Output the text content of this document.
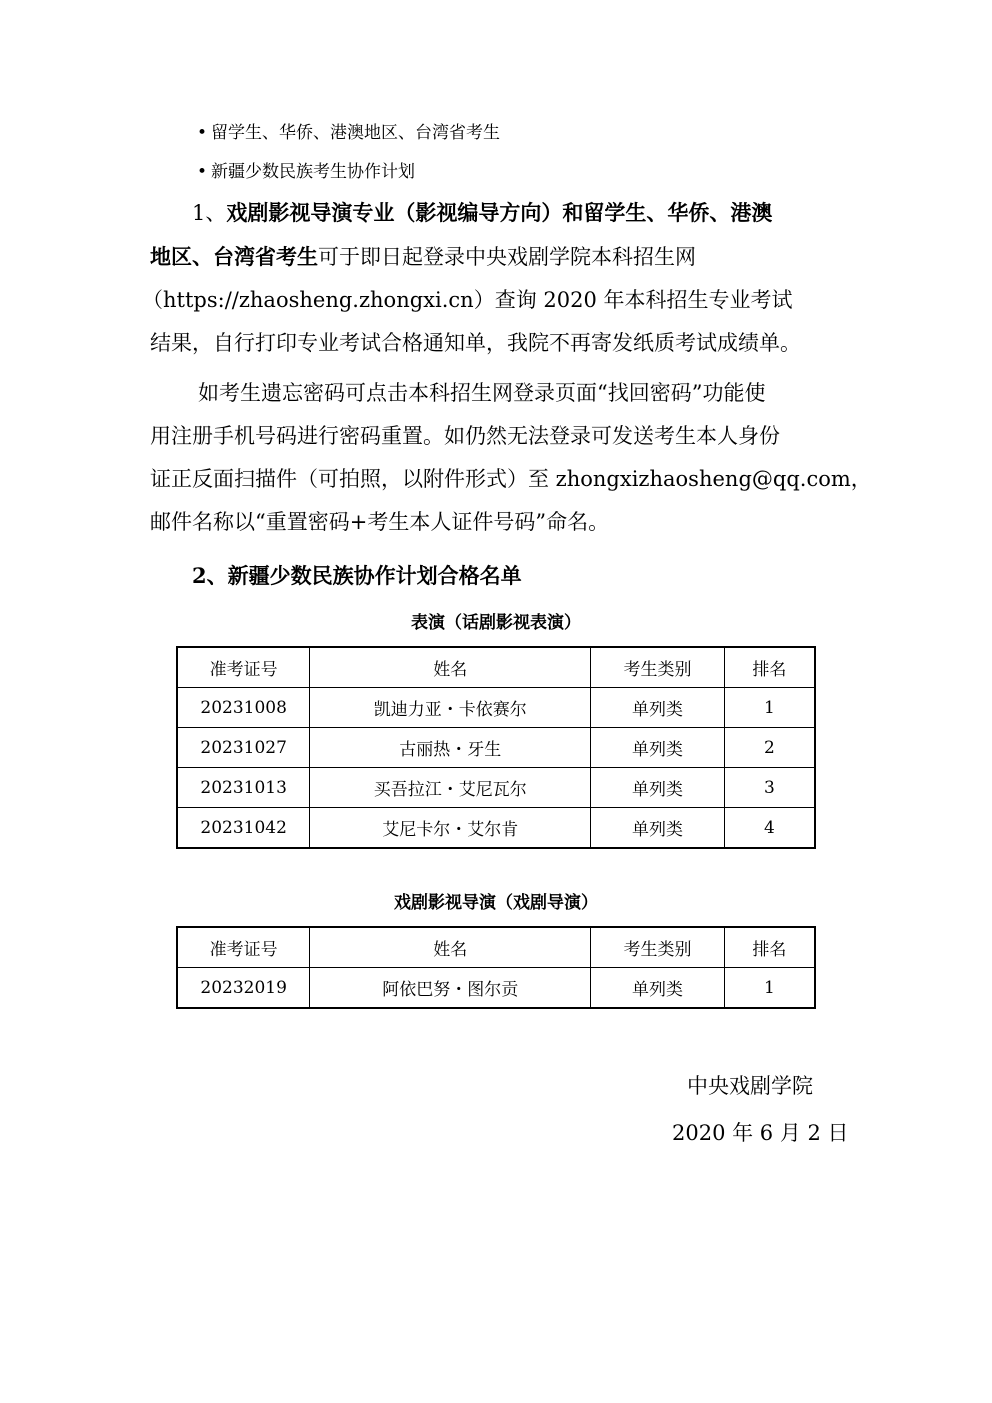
• 留学生、华侨、港澳地区、台湾省考生
• 新疆少数民族考生协作计划
1、戏剧影视导演专业（影视编导方向）和留学生、华侨、港澳
地区、台湾省考生可于即日起登录中央戏剧学院本科招生网
（https://zhaosheng.zhongxi.cn）查询 2020 年本科招生专业考试
结果，自行打印专业考试合格通知单，我院不再寄发纸质考试成绩单。
如考生遗忘密码可点击本科招生网登录页面“找回密码”功能使
用注册手机号码进行密码重置。如仍然无法登录可发送考生本人身份
证正反面扫描件（可拍照，以附件形式）至 zhongxizhaosheng@qq.com，
邮件名称以“重置密码+考生本人证件号码”命名。
2、新疆少数民族协作计划合格名单
表演（话剧影视表演）
准考证号	姓名	考生类别	排名
20231008	凯迪力亚・卡依赛尔	单列类	1
20231027	古丽热・牙生	单列类	2
20231013	买吾拉江・艾尼瓦尔	单列类	3
20231042	艾尼卡尔・艾尔肯	单列类	4
戏剧影视导演（戏剧导演）
准考证号	姓名	考生类别	排名
20232019	阿依巴努・图尔贡	单列类	1
中央戏剧学院
2020 年 6 月 2 日
